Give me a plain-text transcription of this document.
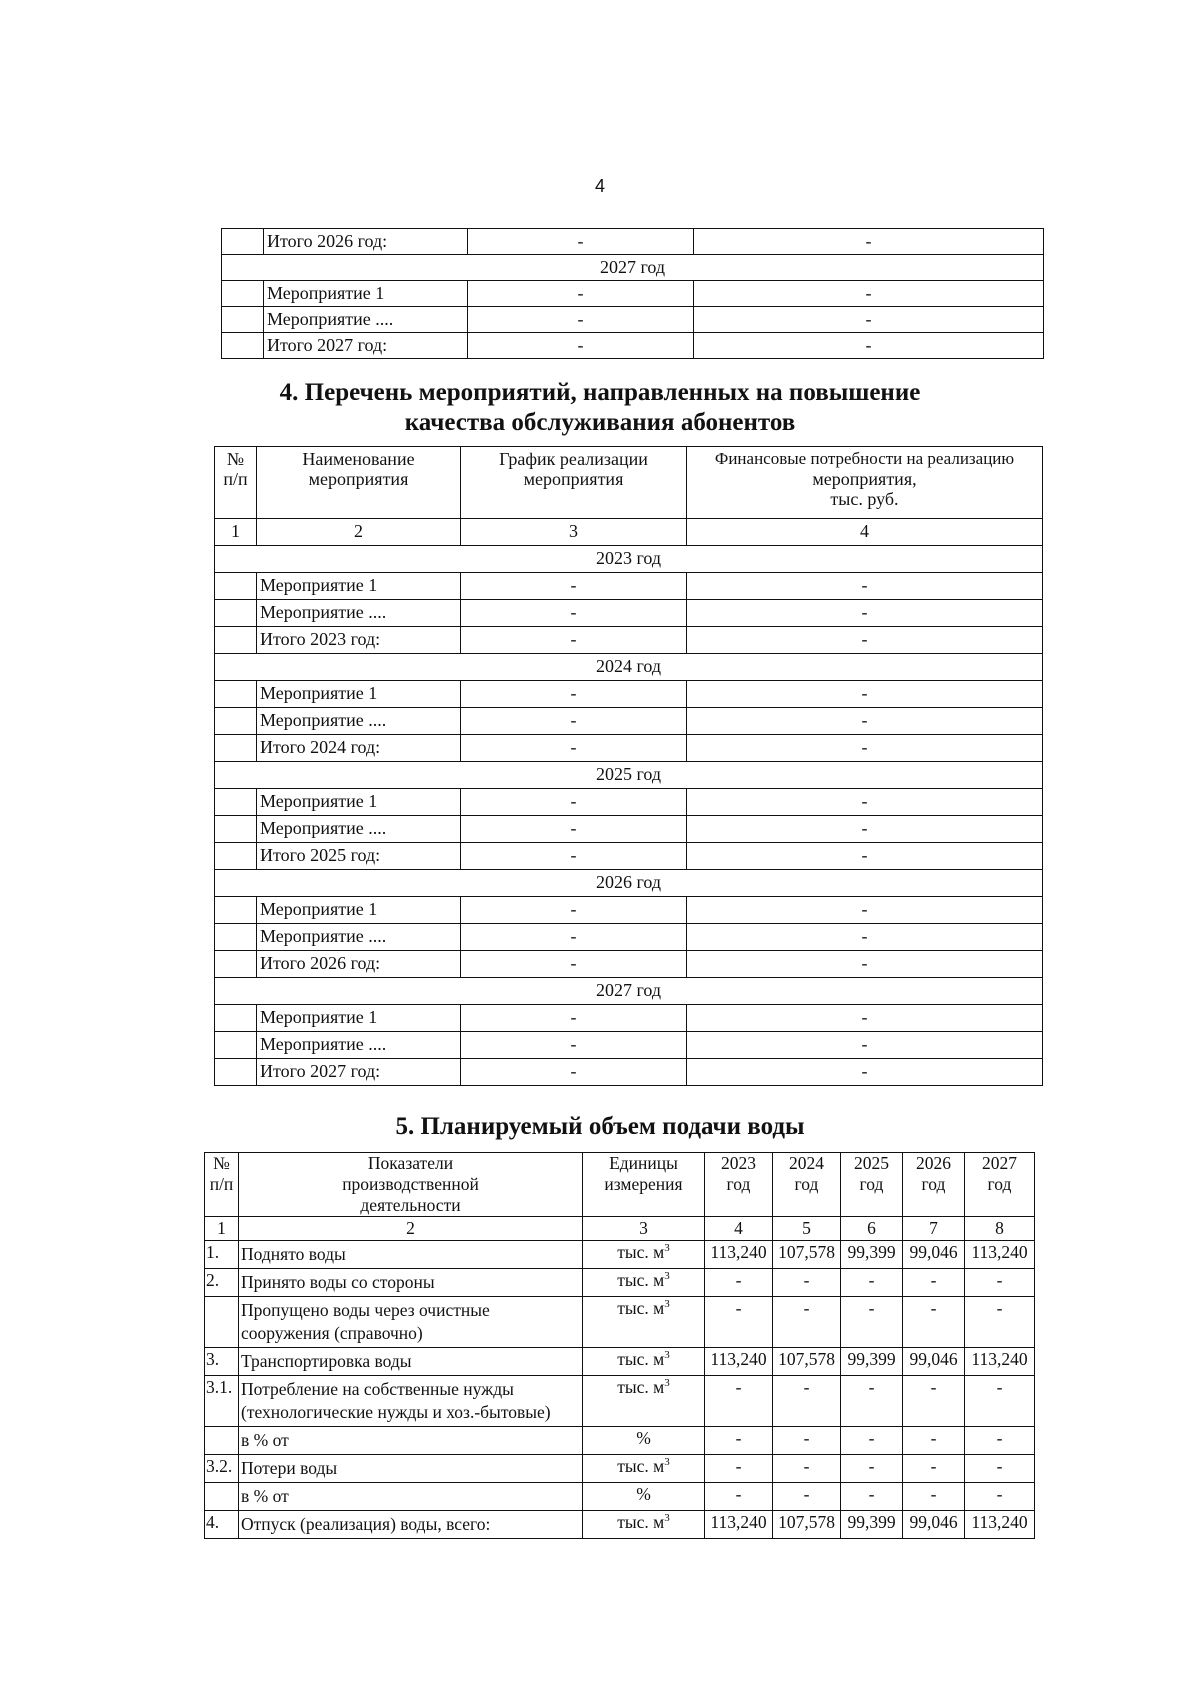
4
	Итого 2026 год:	-	-
2027 год			
	Мероприятие 1	-	-
	Мероприятие ....	-	-
	Итого 2027 год:	-	-
4. Перечень мероприятий, направленных на повышение
качества обслуживания абонентов
№ п/п	Наименование мероприятия	График реализации мероприятия	Финансовые потребности на реализацию
мероприятия,
тыс. руб.

1	2	3	4
2023 год			
	Мероприятие 1	-	-
	Мероприятие ....	-	-
	Итого 2023 год:	-	-
2024 год			
	Мероприятие 1	-	-
	Мероприятие ....	-	-
	Итого 2024 год:	-	-
2025 год			
	Мероприятие 1	-	-
	Мероприятие ....	-	-
	Итого 2025 год:	-	-
2026 год			
	Мероприятие 1	-	-
	Мероприятие ....	-	-
	Итого 2026 год:	-	-
2027 год			
	Мероприятие 1	-	-
	Мероприятие ....	-	-
	Итого 2027 год:	-	-
5. Планируемый объем подачи воды
№ п/п	Показатели производственной деятельности	Единицы измерения	2023 год	2024 год	2025 год	2026 год	2027 год
1	2	3	4	5	6	7	8
1.	Поднято воды	тыс. $м^3$	113,240	107,578	99,399	99,046	113,240
2.	Принято воды со стороны	тыс. $м^3$	-	-	-	-	-
	Пропущено воды через очистные сооружения (справочно)	тыс. $м^3$	-	-	-	-	-
3.	Транспортировка воды	тыс. $м^3$	113,240	107,578	99,399	99,046	113,240
3.1.	Потребление на собственные нужды (технологические нужды и хоз.-бытовые)	тыс. $м^3$	-	-	-	-	-
	в % от	%	-	-	-	-	-
3.2.	Потери воды	тыс. $м^3$	-	-	-	-	-
	в % от	%	-	-	-	-	-
4.	Отпуск (реализация) воды, всего:	тыс. $м^3$	113,240	107,578	99,399	99,046	113,240
